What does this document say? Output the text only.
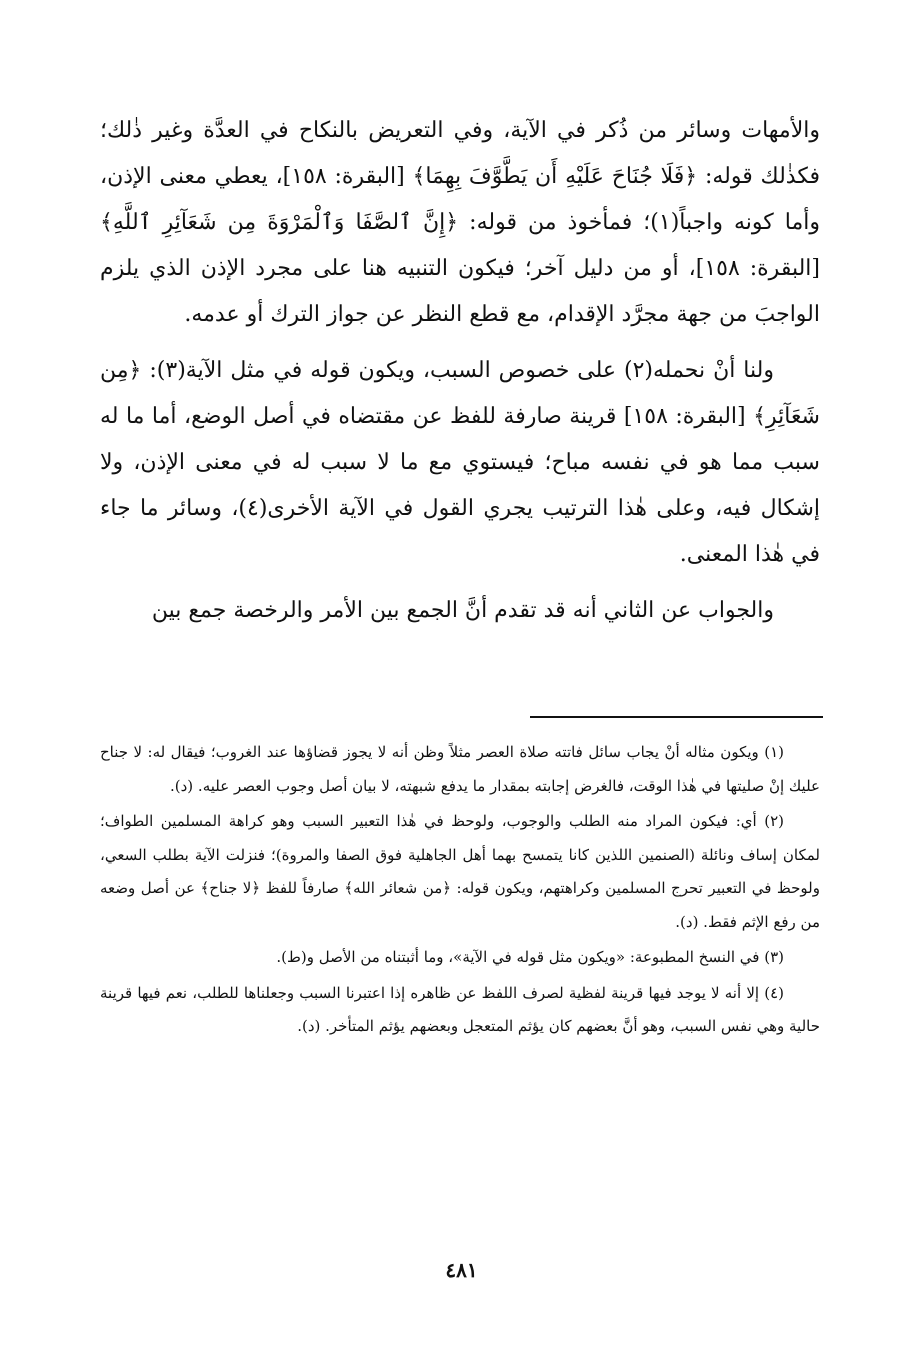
والأمهات وسائر من ذُكر في الآية، وفي التعريض بالنكاح في العدَّة وغير ذٰلك؛ فكذٰلك قوله: ﴿فَلَا جُنَاحَ عَلَيْهِ أَن يَطَّوَّفَ بِهِمَا﴾ [البقرة: ١٥٨]، يعطي معنى الإذن، وأما كونه واجباً(١)؛ فمأخوذ من قوله: ﴿إِنَّ ٱلصَّفَا وَٱلْمَرْوَةَ مِن شَعَآئِرِ ٱللَّهِ﴾ [البقرة: ١٥٨]، أو من دليل آخر؛ فيكون التنبيه هنا على مجرد الإذن الذي يلزم الواجبَ من جهة مجرَّد الإقدام، مع قطع النظر عن جواز الترك أو عدمه.

ولنا أنْ نحمله(٢) على خصوص السبب، ويكون قوله في مثل الآية(٣): ﴿مِن شَعَآئِرِ﴾ [البقرة: ١٥٨] قرينة صارفة للفظ عن مقتضاه في أصل الوضع، أما ما له سبب مما هو في نفسه مباح؛ فيستوي مع ما لا سبب له في معنى الإذن، ولا إشكال فيه، وعلى هٰذا الترتيب يجري القول في الآية الأخرى(٤)، وسائر ما جاء في هٰذا المعنى.

والجواب عن الثاني أنه قد تقدم أنَّ الجمع بين الأمر والرخصة جمع بين

(١) ويكون مثاله أنْ يجاب سائل فاتته صلاة العصر مثلاً وظن أنه لا يجوز قضاؤها عند الغروب؛ فيقال له: لا جناح عليك إنْ صليتها في هٰذا الوقت، فالغرض إجابته بمقدار ما يدفع شبهته، لا بيان أصل وجوب العصر عليه. (د).

(٢) أي: فيكون المراد منه الطلب والوجوب، ولوحظ في هٰذا التعبير السبب وهو كراهة المسلمين الطواف؛ لمكان إساف ونائلة (الصنمين اللذين كانا يتمسح بهما أهل الجاهلية فوق الصفا والمروة)؛ فنزلت الآية بطلب السعي، ولوحظ في التعبير تحرج المسلمين وكراهتهم، ويكون قوله: ﴿من شعائر الله﴾ صارفاً للفظ ﴿لا جناح﴾ عن أصل وضعه من رفع الإثم فقط. (د).

(٣) في النسخ المطبوعة: «ويكون مثل قوله في الآية»، وما أثبتناه من الأصل و(ط).

(٤) إلا أنه لا يوجد فيها قرينة لفظية لصرف اللفظ عن ظاهره إذا اعتبرنا السبب وجعلناها للطلب، نعم فيها قرينة حالية وهي نفس السبب، وهو أنَّ بعضهم كان يؤثم المتعجل وبعضهم يؤثم المتأخر. (د).

٤٨١
